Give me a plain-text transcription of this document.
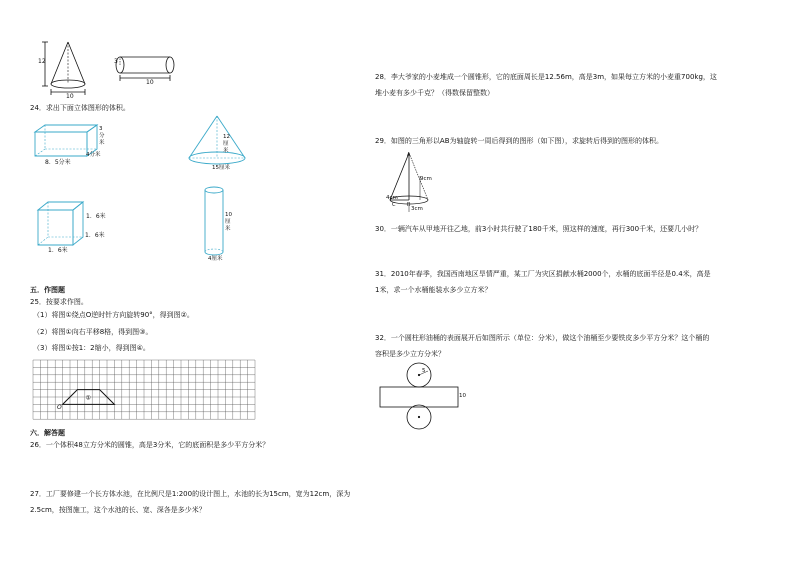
12
10
3
10
24．求出下面立体图形的体积。
8．5分米
3分米
4分米
12厘米
15厘米
1．6米
1．6米
1．6米
10厘米
4厘米
五．作图题
25．按要求作图。
（1）将图①绕点O逆时针方向旋转90°，得到图②。
（2）将图①向右平移8格，得到图③。
（3）将图①按1：2缩小，得到图④。
①
O
六．解答题
26．一个体积48立方分米的圆锥，高是3分米，它的底面积是多少平方分米？
27．工厂要修建一个长方体水池，在比例尺是1:200的设计图上，水池的长为15cm，宽为12cm，深为
2.5cm，按图施工，这个水池的长、宽、深各是多少米？
28．李大爷家的小麦堆成一个圆锥形，它的底面周长是12.56m，高是3m，如果每立方米的小麦重700kg，这
堆小麦有多少千克？（得数保留整数）
29．如图的三角形以AB为轴旋转一周后得到的图形（如下图），求旋转后得到的图形的体积。
A
B
C
9cm
4cm
3cm
30．一辆汽车从甲地开往乙地，前3小时共行驶了180千米，照这样的速度，再行300千米，还要几小时？
31．2010年春季，我国西南地区旱情严重，某工厂为灾区捐献水桶2000个，水桶的底面半径是0.4米，高是
1米，求一个水桶能装水多少立方米？
32．一个圆柱形油桶的表面展开后如图所示（单位：分米），做这个油桶至少要铁皮多少平方分米？这个桶的
容积是多少立方分米？
5
10
